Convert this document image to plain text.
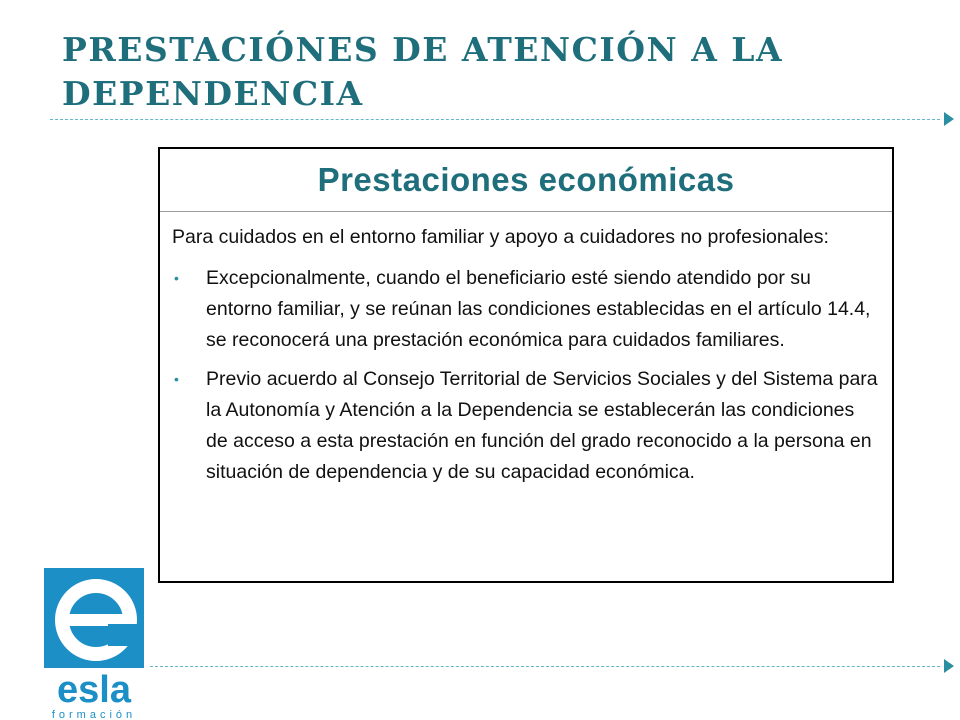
PRESTACIÓNES DE ATENCIÓN A LA DEPENDENCIA
Prestaciones económicas

Para cuidados en el entorno familiar y apoyo a cuidadores no profesionales:

• Excepcionalmente, cuando el beneficiario esté siendo atendido por su entorno familiar, y se reúnan las condiciones establecidas en el artículo 14.4, se reconocerá una prestación económica para cuidados familiares.
• Previo acuerdo al Consejo Territorial de Servicios Sociales y del Sistema para la Autonomía y Atención a la Dependencia se establecerán las condiciones de acceso a esta prestación en función del grado reconocido a la persona en situación de dependencia y de su capacidad económica.
esla
formación
